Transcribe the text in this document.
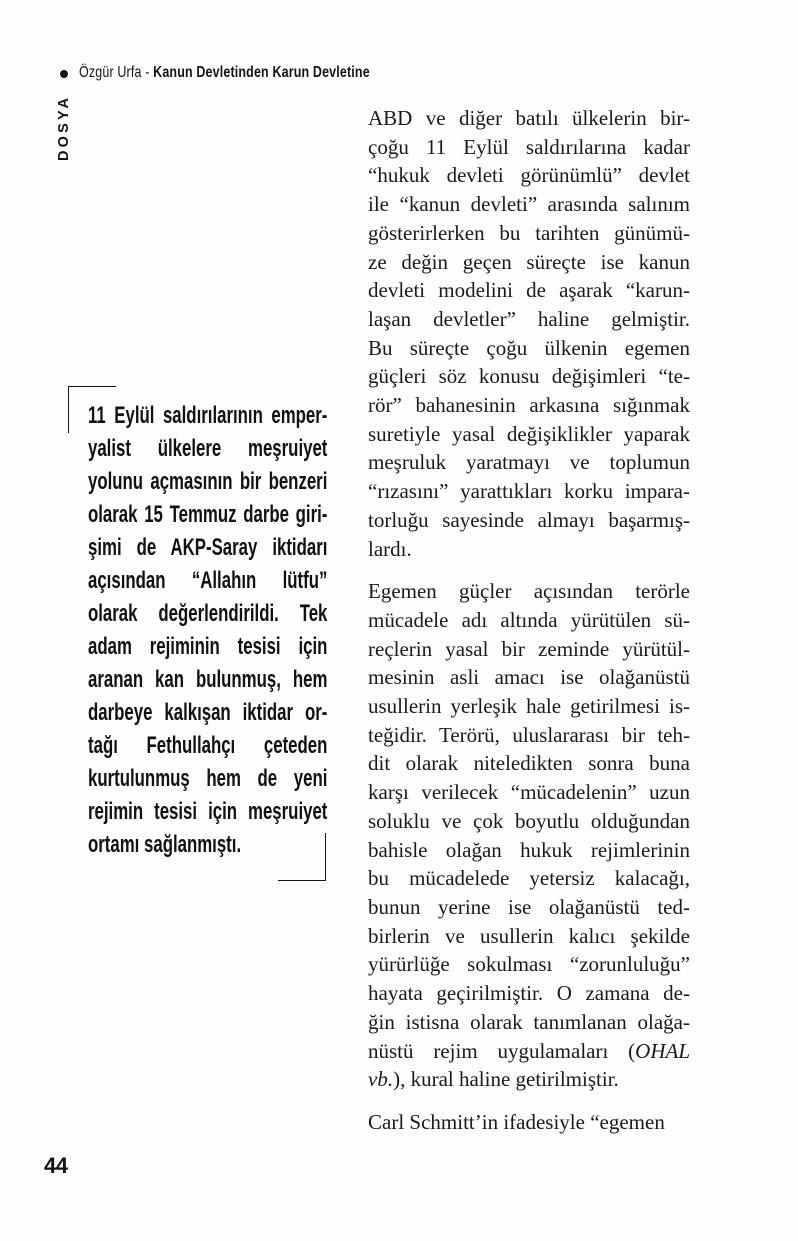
Özgür Urfa - Kanun Devletinden Karun Devletine
DOSYA
11 Eylül saldırılarının emper-
yalist ülkelere meşruiyet
yolunu açmasının bir benzeri
olarak 15 Temmuz darbe giri-
şimi de AKP-Saray iktidarı
açısından “Allahın lütfu”
olarak değerlendirildi. Tek
adam rejiminin tesisi için
aranan kan bulunmuş, hem
darbeye kalkışan iktidar or-
tağı Fethullahçı çeteden
kurtulunmuş hem de yeni
rejimin tesisi için meşruiyet
ortamı sağlanmıştı.
ABD ve diğer batılı ülkelerin bir-
çoğu 11 Eylül saldırılarına kadar
“hukuk devleti görünümlü” devlet
ile “kanun devleti” arasında salınım
gösterirlerken bu tarihten günümü-
ze değin geçen süreçte ise kanun
devleti modelini de aşarak “karun-
laşan devletler” haline gelmiştir.
Bu süreçte çoğu ülkenin egemen
güçleri söz konusu değişimleri “te-
rör” bahanesinin arkasına sığınmak
suretiyle yasal değişiklikler yaparak
meşruluk yaratmayı ve toplumun
“rızasını” yarattıkları korku impara-
torluğu sayesinde almayı başarmış-
lardı.
Egemen güçler açısından terörle
mücadele adı altında yürütülen sü-
reçlerin yasal bir zeminde yürütül-
mesinin asli amacı ise olağanüstü
usullerin yerleşik hale getirilmesi is-
teğidir. Terörü, uluslararası bir teh-
dit olarak niteledikten sonra buna
karşı verilecek “mücadelenin” uzun
soluklu ve çok boyutlu olduğundan
bahisle olağan hukuk rejimlerinin
bu mücadelede yetersiz kalacağı,
bunun yerine ise olağanüstü ted-
birlerin ve usullerin kalıcı şekilde
yürürlüğe sokulması “zorunluluğu”
hayata geçirilmiştir. O zamana de-
ğin istisna olarak tanımlanan olağa-
nüstü rejim uygulamaları (OHAL
vb.), kural haline getirilmiştir.
Carl Schmitt’in ifadesiyle “egemen
44
